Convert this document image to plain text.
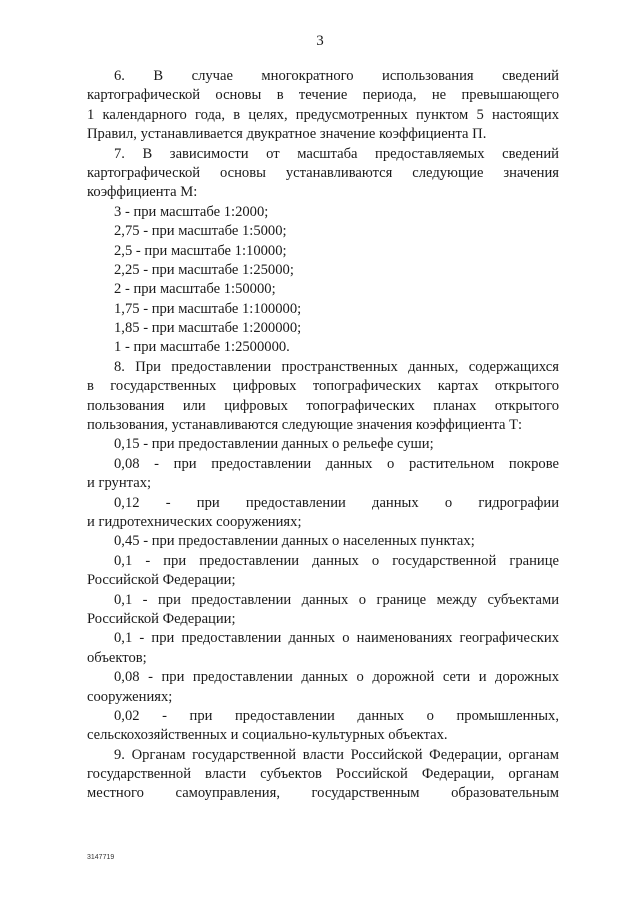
3
6. В случае многократного использования сведений
картографической основы в течение периода, не превышающего
1 календарного года, в целях, предусмотренных пунктом 5 настоящих
Правил, устанавливается двукратное значение коэффициента П.
7. В зависимости от масштаба предоставляемых сведений
картографической основы устанавливаются следующие значения
коэффициента М:
3 - при масштабе 1:2000;
2,75 - при масштабе 1:5000;
2,5 - при масштабе 1:10000;
2,25 - при масштабе 1:25000;
2 - при масштабе 1:50000;
1,75 - при масштабе 1:100000;
1,85 - при масштабе 1:200000;
1 - при масштабе 1:2500000.
8. При предоставлении пространственных данных, содержащихся
в государственных цифровых топографических картах открытого
пользования или цифровых топографических планах открытого
пользования, устанавливаются следующие значения коэффициента Т:
0,15 - при предоставлении данных о рельефе суши;
0,08 - при предоставлении данных о растительном покрове
и грунтах;
0,12 - при предоставлении данных о гидрографии
и гидротехнических сооружениях;
0,45 - при предоставлении данных о населенных пунктах;
0,1 - при предоставлении данных о государственной границе
Российской Федерации;
0,1 - при предоставлении данных о границе между субъектами
Российской Федерации;
0,1 - при предоставлении данных о наименованиях географических
объектов;
0,08 - при предоставлении данных о дорожной сети и дорожных
сооружениях;
0,02 - при предоставлении данных о промышленных,
сельскохозяйственных и социально-культурных объектах.
9. Органам государственной власти Российской Федерации, органам
государственной власти субъектов Российской Федерации, органам
местного самоуправления, государственным образовательным
3147719
